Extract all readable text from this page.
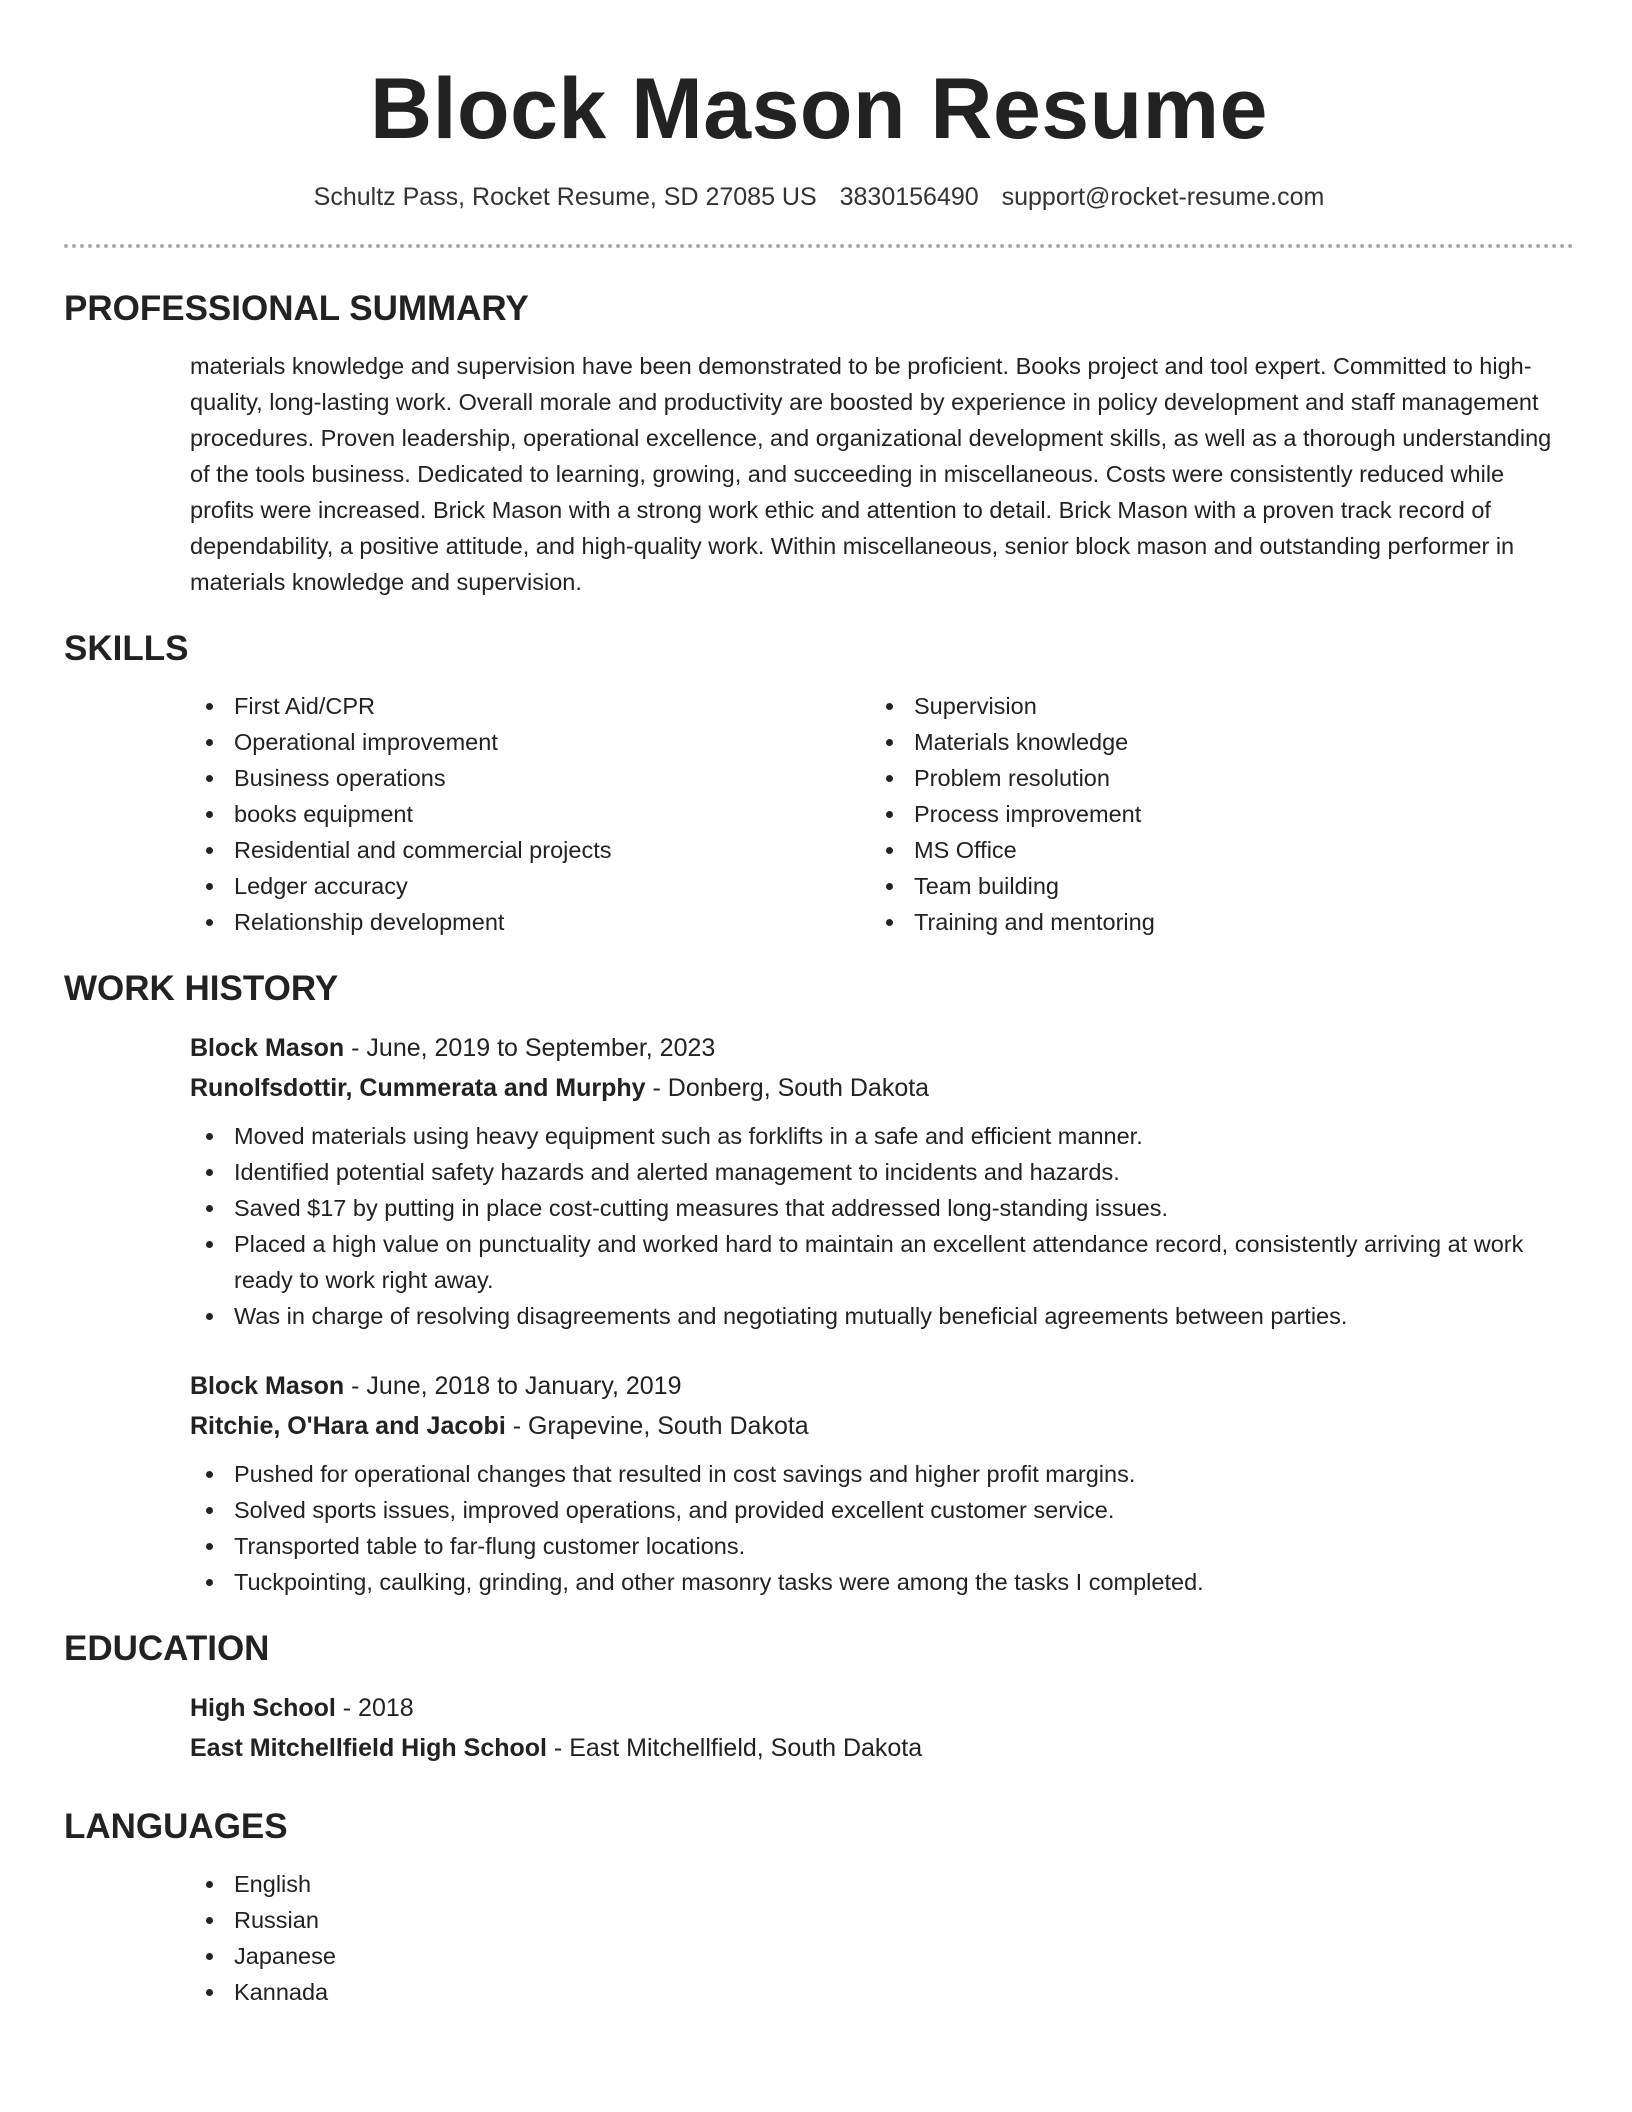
Block Mason Resume
Schultz Pass, Rocket Resume, SD 27085 US 3830156490 support@rocket-resume.com
PROFESSIONAL SUMMARY

materials knowledge and supervision have been demonstrated to be proficient. Books project and tool expert. Committed to high-quality, long-lasting work. Overall morale and productivity are boosted by experience in policy development and staff management procedures. Proven leadership, operational excellence, and organizational development skills, as well as a thorough understanding of the tools business. Dedicated to learning, growing, and succeeding in miscellaneous. Costs were consistently reduced while profits were increased. Brick Mason with a strong work ethic and attention to detail. Brick Mason with a proven track record of dependability, a positive attitude, and high-quality work. Within miscellaneous, senior block mason and outstanding performer in materials knowledge and supervision.

SKILLS
First Aid/CPR
Operational improvement
Business operations
books equipment
Residential and commercial projects
Ledger accuracy
Relationship development
Supervision
Materials knowledge
Problem resolution
Process improvement
MS Office
Team building
Training and mentoring
WORK HISTORY
Block Mason - June, 2019 to September, 2023
Runolfsdottir, Cummerata and Murphy - Donberg, South Dakota
Moved materials using heavy equipment such as forklifts in a safe and efficient manner.
Identified potential safety hazards and alerted management to incidents and hazards.
Saved $17 by putting in place cost-cutting measures that addressed long-standing issues.
Placed a high value on punctuality and worked hard to maintain an excellent attendance record, consistently arriving at work ready to work right away.
Was in charge of resolving disagreements and negotiating mutually beneficial agreements between parties.
Block Mason - June, 2018 to January, 2019
Ritchie, O'Hara and Jacobi - Grapevine, South Dakota
Pushed for operational changes that resulted in cost savings and higher profit margins.
Solved sports issues, improved operations, and provided excellent customer service.
Transported table to far-flung customer locations.
Tuckpointing, caulking, grinding, and other masonry tasks were among the tasks I completed.
EDUCATION
High School - 2018
East Mitchellfield High School - East Mitchellfield, South Dakota
LANGUAGES
English
Russian
Japanese
Kannada
